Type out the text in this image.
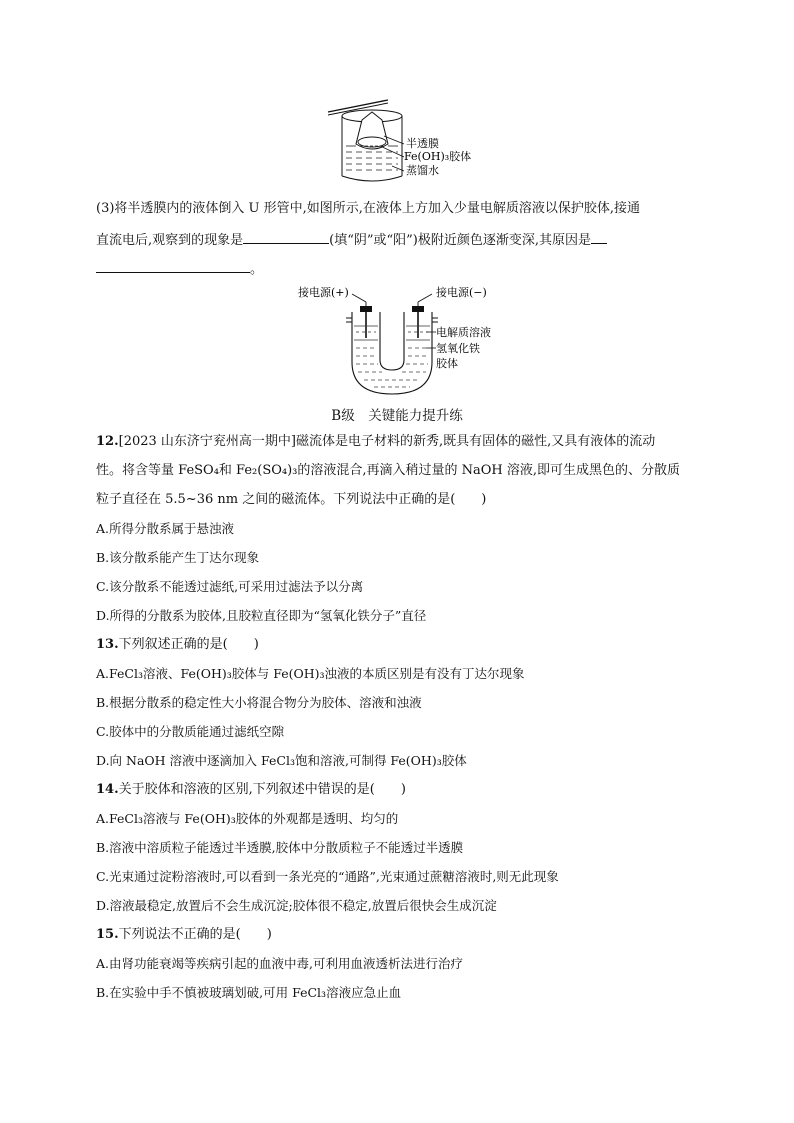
半透膜
Fe(OH)₃胶体
蒸馏水
(3)将半透膜内的液体倒入 U 形管中,如图所示,在液体上方加入少量电解质溶液以保护胶体,接通
直流电后,观察到的现象是	(填“阴”或“阳”)极附近颜色逐渐变深,其原因是
。
接电源(+)	接电源(−)
电解质溶液
氢氧化铁
胶体
B级　关键能力提升练
12.[2023 山东济宁兖州高一期中]磁流体是电子材料的新秀,既具有固体的磁性,又具有液体的流动
性。将含等量 FeSO₄和 Fe₂(SO₄)₃的溶液混合,再滴入稍过量的 NaOH 溶液,即可生成黑色的、分散质
粒子直径在 5.5~36 nm 之间的磁流体。下列说法中正确的是(　　)
A.所得分散系属于悬浊液
B.该分散系能产生丁达尔现象
C.该分散系不能透过滤纸,可采用过滤法予以分离
D.所得的分散系为胶体,且胶粒直径即为“氢氧化铁分子”直径
13.下列叙述正确的是(　　)
A.FeCl₃溶液、Fe(OH)₃胶体与 Fe(OH)₃浊液的本质区别是有没有丁达尔现象
B.根据分散系的稳定性大小将混合物分为胶体、溶液和浊液
C.胶体中的分散质能通过滤纸空隙
D.向 NaOH 溶液中逐滴加入 FeCl₃饱和溶液,可制得 Fe(OH)₃胶体
14.关于胶体和溶液的区别,下列叙述中错误的是(　　)
A.FeCl₃溶液与 Fe(OH)₃胶体的外观都是透明、均匀的
B.溶液中溶质粒子能透过半透膜,胶体中分散质粒子不能透过半透膜
C.光束通过淀粉溶液时,可以看到一条光亮的“通路”,光束通过蔗糖溶液时,则无此现象
D.溶液最稳定,放置后不会生成沉淀;胶体很不稳定,放置后很快会生成沉淀
15.下列说法不正确的是(　　)
A.由肾功能衰竭等疾病引起的血液中毒,可利用血液透析法进行治疗
B.在实验中手不慎被玻璃划破,可用 FeCl₃溶液应急止血
